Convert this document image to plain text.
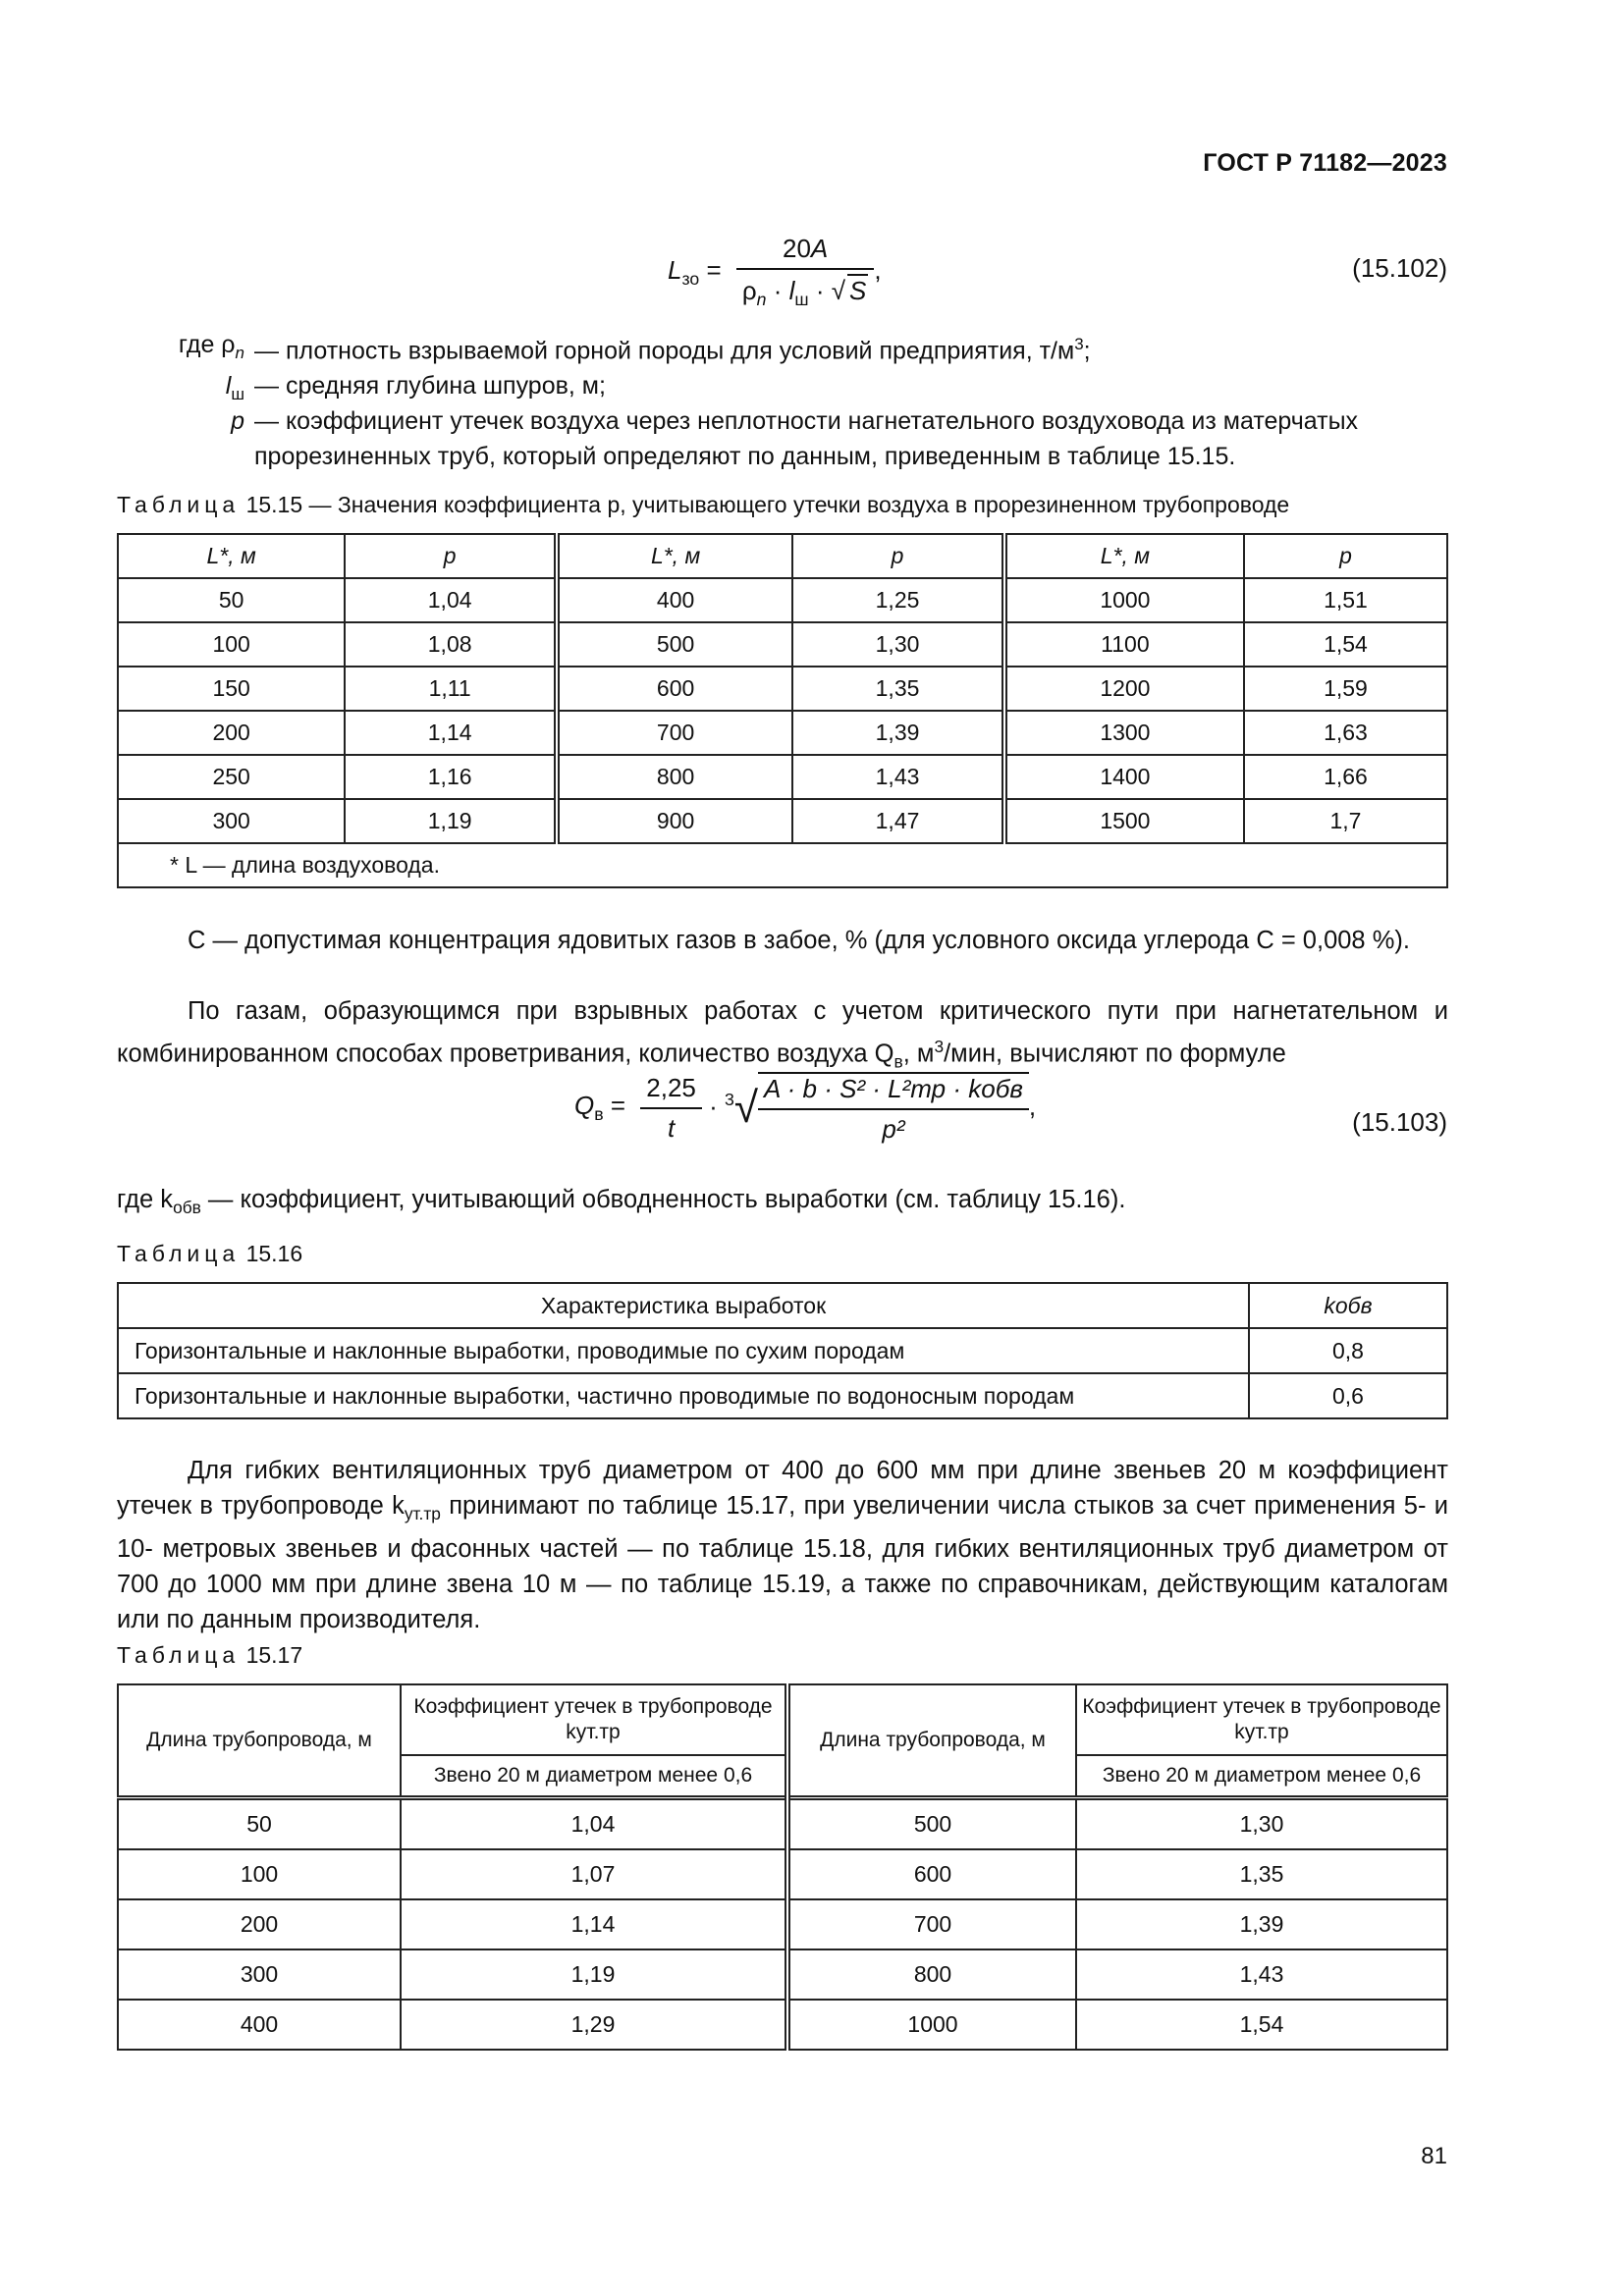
ГОСТ Р 71182—2023
$L_{зо} = \frac{20A}{\rho_n \cdot l_ш \cdot √ S}$ ,	(15.102)
где $\rho_n$ — плотность взрываемой горной породы для условий предприятия, $т/м^3$;
$l_ш$ — средняя глубина шпуров, м;
p — коэффициент утечек воздуха через неплотности нагнетательного воздуховода из матерчатых прорезиненных труб, который определяют по данным, приведенным в таблице 15.15.
Таблица 15.15 — Значения коэффициента p, учитывающего утечки воздуха в прорезиненном трубопроводе
L*, м	p	L*, м	p	L*, м	p
50	1,04	400	1,25	1000	1,51
100	1,08	500	1,30	1100	1,54
150	1,11	600	1,35	1200	1,59
200	1,14	700	1,39	1300	1,63
250	1,16	800	1,43	1400	1,66
300	1,19	900	1,47	1500	1,7
* L — длина воздуховода.					
C — допустимая концентрация ядовитых газов в забое, % (для условного оксида углерода C = 0,008 %).
По газам, образующимся при взрывных работах с учетом критического пути при нагнетательном и комбинированном способах проветривания, количество воздуха $Q_в$, $м^3$/мин, вычисляют по формуле
$Q_в = \frac{2,25}{t} \cdot ^3√ \frac{\text{A · b · S² · L²тр · kобв}}{\text{p²}}$ ,
(15.103)
где $k_{обв}$ — коэффициент, учитывающий обводненность выработки (см. таблицу 15.16).
Таблица 15.16
Характеристика выработок	kобв
Горизонтальные и наклонные выработки, проводимые по сухим породам	0,8
Горизонтальные и наклонные выработки, частично проводимые по водоносным породам	0,6
Для гибких вентиляционных труб диаметром от 400 до 600 мм при длине звеньев 20 м коэффициент утечек в трубопроводе $k_{ут.тр}$ принимают по таблице 15.17, при увеличении числа стыков за счет применения 5- и 10- метровых звеньев и фасонных частей — по таблице 15.18, для гибких вентиляционных труб диаметром от 700 до 1000 мм при длине звена 10 м — по таблице 15.19, а также по справочникам, действующим каталогам или по данным производителя.
Таблица 15.17
Длина трубопровода, м	Коэффициент утечек в трубопроводе kут.тр	Длина трубопровода, м	Коэффициент утечек в трубопроводе kут.тр
	Звено 20 м диаметром менее 0,6		Звено 20 м диаметром менее 0,6
50	1,04	500	1,30
100	1,07	600	1,35
200	1,14	700	1,39
300	1,19	800	1,43
400	1,29	1000	1,54
81
